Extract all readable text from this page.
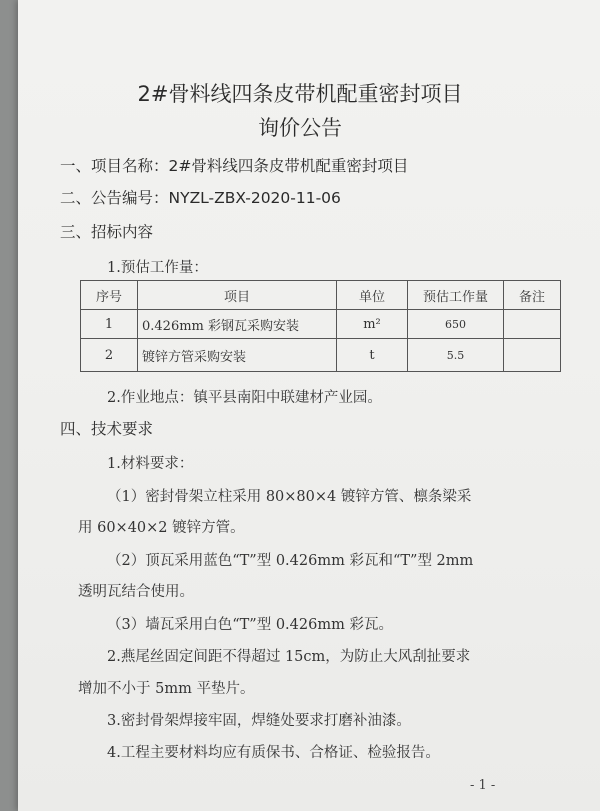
2#骨料线四条皮带机配重密封项目
询价公告
一、项目名称：2#骨料线四条皮带机配重密封项目
二、公告编号：NYZL-ZBX-2020-11-06
三、招标内容
1.预估工作量：
序号	项目	单位	预估工作量	备注
1	0.426mm 彩钢瓦采购安装	m²	650	
2	镀锌方管采购安装	t	5.5	
2.作业地点：镇平县南阳中联建材产业园。
四、技术要求
1.材料要求：
（1）密封骨架立柱采用 80×80×4 镀锌方管、檩条梁采
用 60×40×2 镀锌方管。
（2）顶瓦采用蓝色“T”型 0.426mm 彩瓦和“T”型 2mm
透明瓦结合使用。
（3）墙瓦采用白色“T”型 0.426mm 彩瓦。
2.燕尾丝固定间距不得超过 15cm，为防止大风刮扯要求
增加不小于 5mm 平垫片。
3.密封骨架焊接牢固，焊缝处要求打磨补油漆。
4.工程主要材料均应有质保书、合格证、检验报告。
- 1 -
